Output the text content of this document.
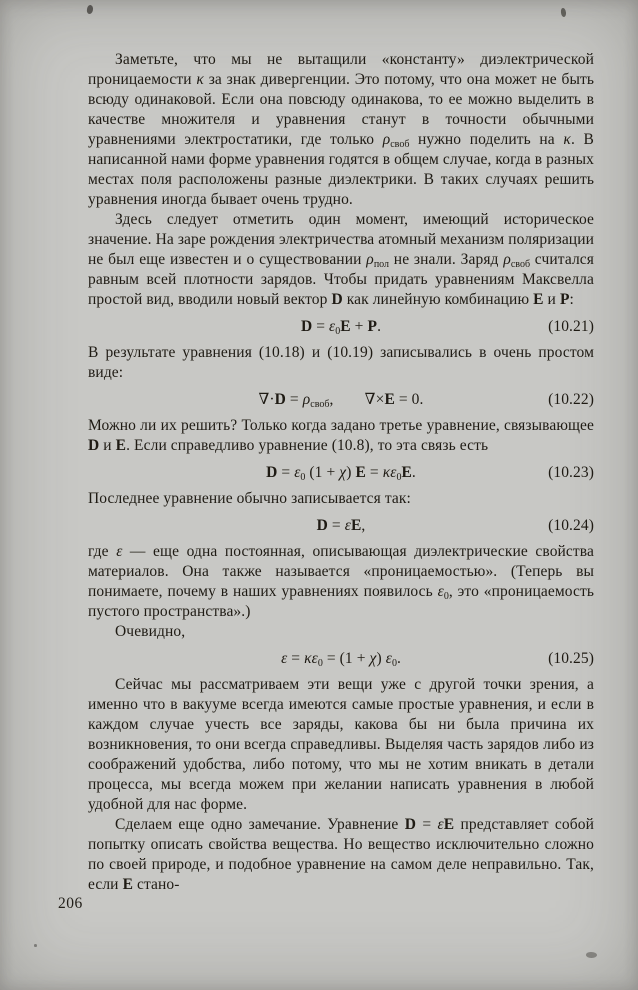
Заметьте, что мы не вытащили «константу» диэлектрической проницаемости κ за знак дивергенции. Это потому, что она может не быть всюду одинаковой. Если она повсюду одинакова, то ее можно выделить в качестве множителя и уравнения станут в точности обычными уравнениями электростатики, где только $\rho_{своб}$ нужно поделить на κ. В написанной нами форме уравнения годятся в общем случае, когда в разных местах поля расположены разные диэлектрики. В таких случаях решить уравнения иногда бывает очень трудно.

Здесь следует отметить один момент, имеющий историческое значение. На заре рождения электричества атомный механизм поляризации не был еще известен и о существовании $\rho_{пол}$ не знали. Заряд $\rho_{своб}$ считался равным всей плотности зарядов. Чтобы придать уравнениям Максвелла простой вид, вводили новый вектор D как линейную комбинацию E и P:

$D = \varepsilon_0E + P$.	(10.21)

В результате уравнения (10.18) и (10.19) записывались в очень простом виде:

$\nabla\cdot D = \rho_{своб}$,  ∇×E = 0.	(10.22)

Можно ли их решить? Только когда задано третье уравнение, связывающее D и E. Если справедливо уравнение (10.8), то эта связь есть

$D = \varepsilon_0$ (1 + χ) $E = \kappa\varepsilon_0E$.	(10.23)

Последнее уравнение обычно записывается так:

D = εE,	(10.24)

где ε — еще одна постоянная, описывающая диэлектрические свойства материалов. Она также называется «проницаемостью». (Теперь вы понимаете, почему в наших уравнениях появилось $\varepsilon_0$, это «проницаемость пустого пространства».)

Очевидно,

$\varepsilon = \kappa\varepsilon_0 = (1 + \chi)$ $\varepsilon_0$.	(10.25)

Сейчас мы рассматриваем эти вещи уже с другой точки зрения, а именно что в вакууме всегда имеются самые простые уравнения, и если в каждом случае учесть все заряды, какова бы ни была причина их возникновения, то они всегда справедливы. Выделяя часть зарядов либо из соображений удобства, либо потому, что мы не хотим вникать в детали процесса, мы всегда можем при желании написать уравнения в любой удобной для нас форме.

Сделаем еще одно замечание. Уравнение D = εE представляет собой попытку описать свойства вещества. Но вещество исключительно сложно по своей природе, и подобное уравнение на самом деле неправильно. Так, если E стано-

206
